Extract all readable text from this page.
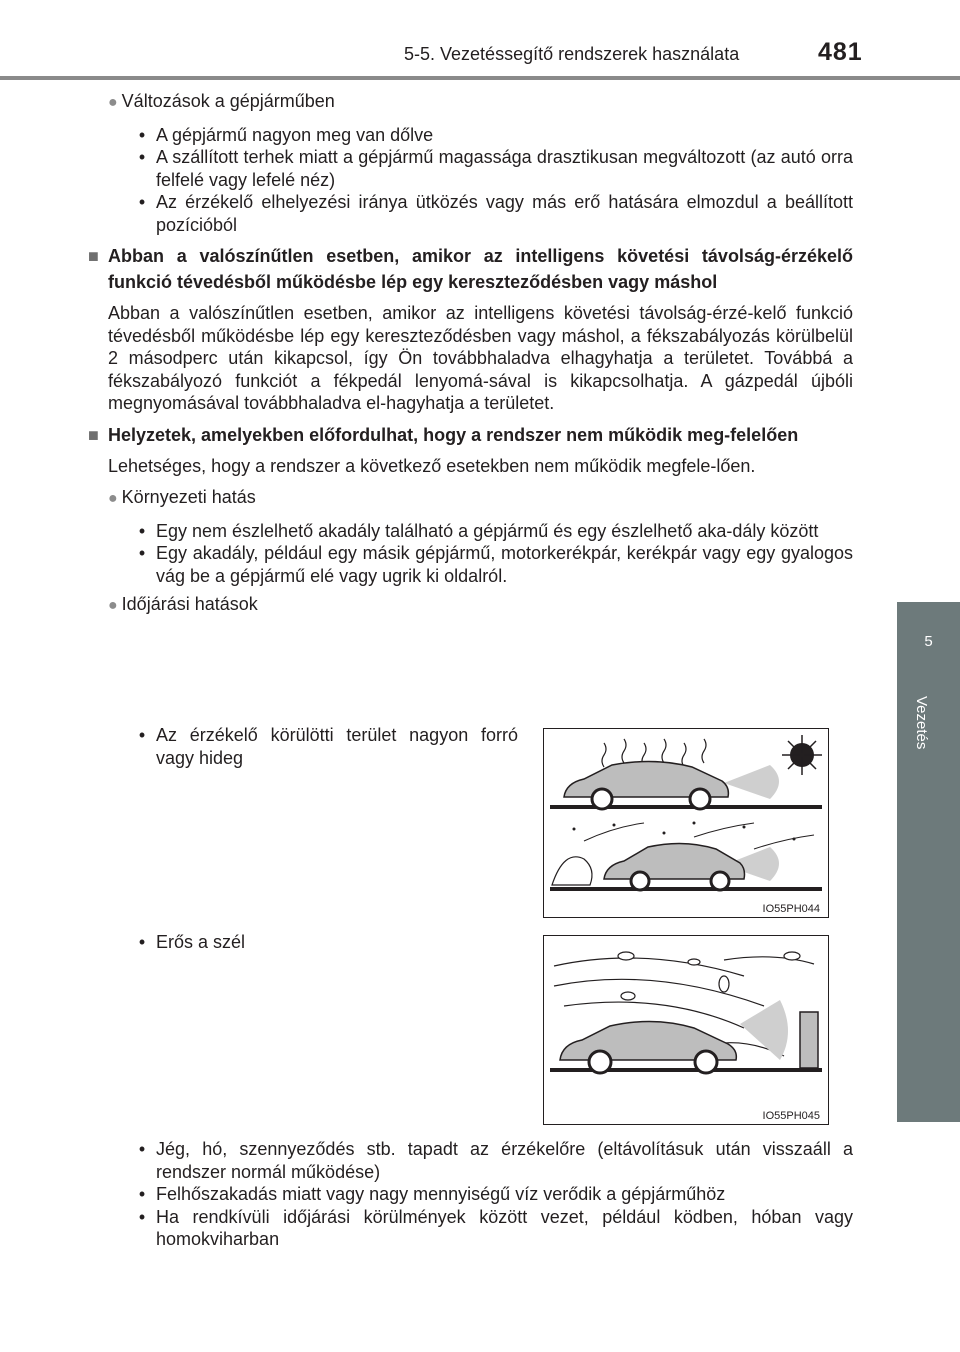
5-5. Vezetéssegítő rendszerek használata	481
5
Vezetés

● Változások a gépjárműben

• A gépjármű nagyon meg van dőlve
• A szállított terhek miatt a gépjármű magassága drasztikusan megváltozott (az autó orra felfelé vagy lefelé néz)
• Az érzékelő elhelyezési iránya ütközés vagy más erő hatására elmozdul a beállított pozícióból
■ Abban a valószínűtlen esetben, amikor az intelligens követési távolság-érzékelő funkció tévedésből működésbe lép egy kereszteződésben vagy máshol

Abban a valószínűtlen esetben, amikor az intelligens követési távolság-érzé-kelő funkció tévedésből működésbe lép egy kereszteződésben vagy máshol, a fékszabályozás körülbelül 2 másodperc után kikapcsol, így Ön továbbhaladva elhagyhatja a területet. Továbbá a fékszabályozó funkciót a fékpedál lenyomá-sával is kikapcsolhatja. A gázpedál újbóli megnyomásával továbbhaladva el-hagyhatja a területet.

■ Helyzetek, amelyekben előfordulhat, hogy a rendszer nem működik meg-felelően

Lehetséges, hogy a rendszer a következő esetekben nem működik megfele-lően.

● Környezeti hatás

• Egy nem észlelhető akadály található a gépjármű és egy észlelhető aka-dály között
• Egy akadály, például egy másik gépjármű, motorkerékpár, kerékpár vagy egy gyalogos vág be a gépjármű elé vagy ugrik ki oldalról.

● Időjárási hatások

• Az érzékelő körülötti terület nagyon forró vagy hideg
• Erős a szél
IO55PH044
IO55PH045
• Jég, hó, szennyeződés stb. tapadt az érzékelőre (eltávolításuk után visszaáll a rendszer normál működése)
• Felhőszakadás miatt vagy nagy mennyiségű víz verődik a gépjárműhöz
• Ha rendkívüli időjárási körülmények között vezet, például ködben, hóban vagy homokviharban
